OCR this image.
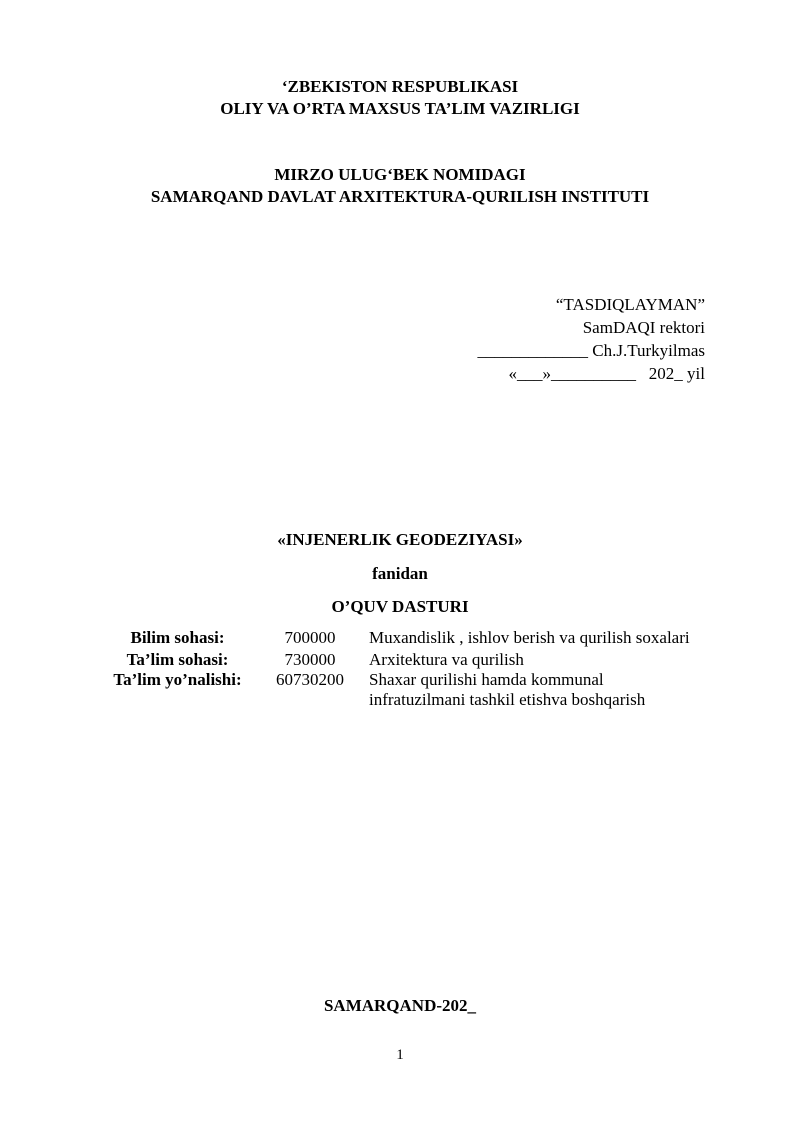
‘ZBEKISTON RESPUBLIKASI
OLIY VA O’RTA MAXSUS TA’LIM VAZIRLIGI
MIRZO ULUG‘BEK NOMIDAGI
SAMARQAND DAVLAT ARXITEKTURA-QURILISH INSTITUTI
“TASDIQLAYMAN”
SamDAQI rektori
_____________ Ch.J.Turkyilmas
«___»__________   202_ yil
«INJENERLIK GEODEZIYASI»
fanidan
O’QUV DASTURI
Bilim sohasi:	700000	Muxandislik , ishlov berish va qurilish soxalari
Ta’lim sohasi:	730000	Arxitektura va qurilish
Ta’lim yo’nalishi:	60730200	Shaxar qurilishi hamda kommunal infratuzilmani tashkil etishva boshqarish
SAMARQAND-202_
1
